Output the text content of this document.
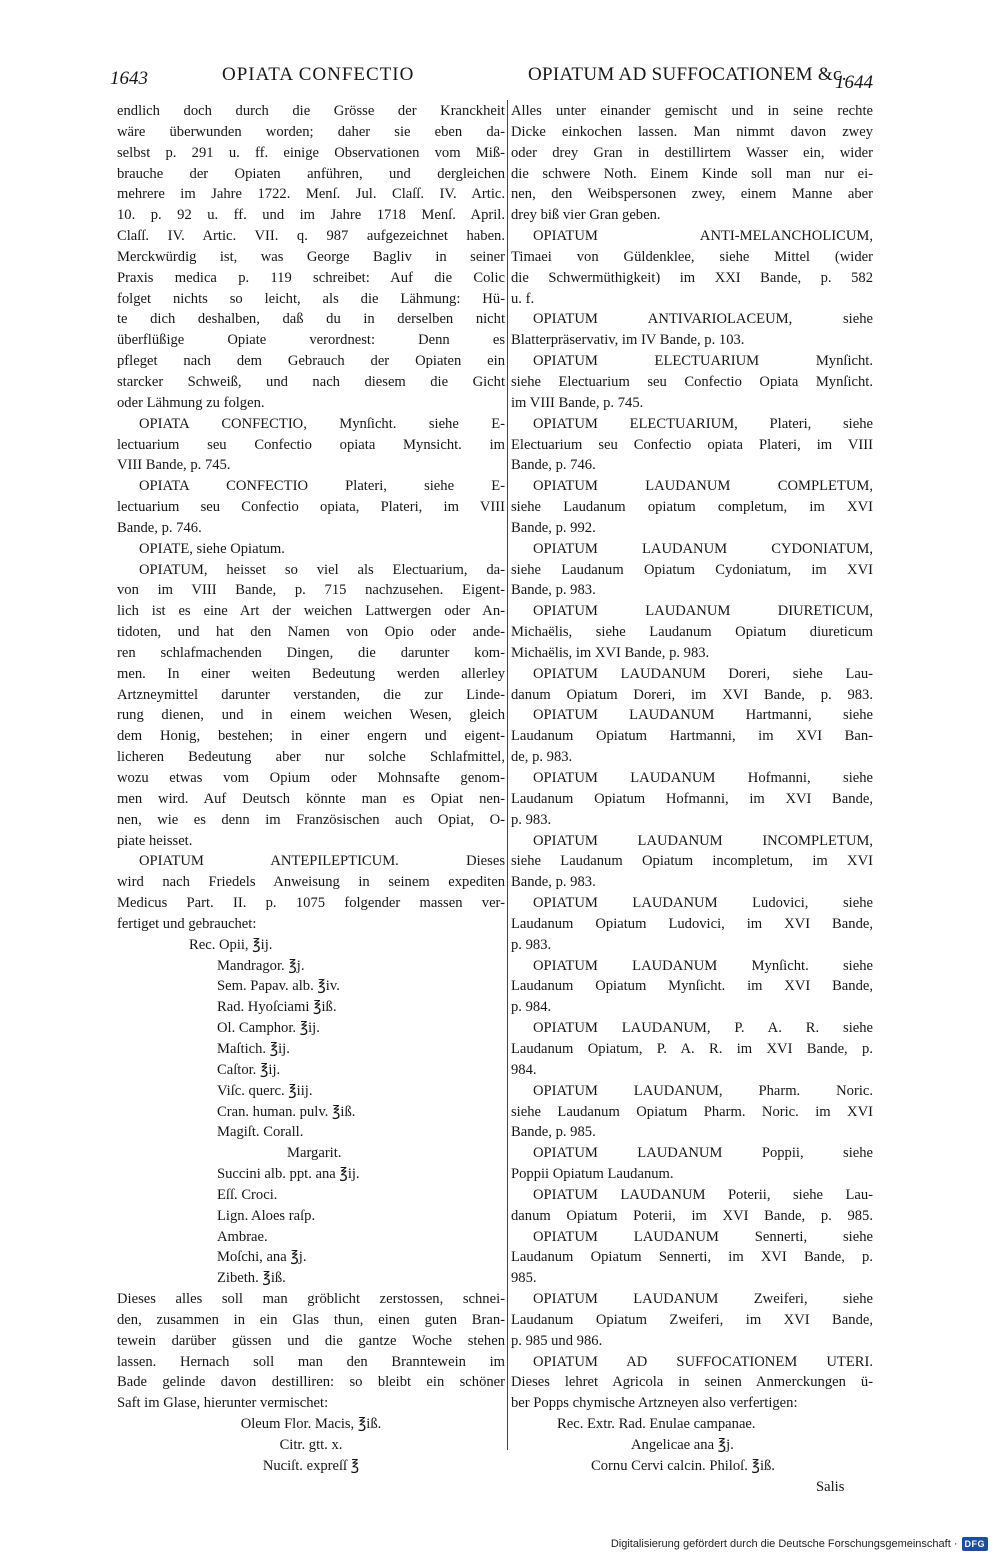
1643	OPIATA CONFECTIO	OPIATUM AD SUFFOCATIONEM &c.
1644
endlich doch durch die Grösse der Kranckheit
wäre überwunden worden; daher sie eben da-
selbst p. 291 u. ff. einige Observationen vom Miß-
brauche der Opiaten anführen, und dergleichen
mehrere im Jahre 1722. Menſ. Jul. Claſſ. IV. Artic.
10. p. 92 u. ff. und im Jahre 1718 Menſ. April.
Claſſ. IV. Artic. VII. q. 987 aufgezeichnet haben.
Merckwürdig ist, was George Bagliv in seiner
Praxis medica p. 119 schreibet: Auf die Colic
folget nichts so leicht, als die Lähmung: Hü-
te dich deshalben, daß du in derselben nicht
überflüßige Opiate verordnest: Denn es
pfleget nach dem Gebrauch der Opiaten ein
starcker Schweiß, und nach diesem die Gicht
oder Lähmung zu folgen.
OPIATA CONFECTIO, Mynſicht. siehe E-
lectuarium seu Confectio opiata Mynsicht. im
VIII Bande, p. 745.
OPIATA CONFECTIO Plateri, siehe E-
lectuarium seu Confectio opiata, Plateri, im VIII
Bande, p. 746.
OPIATE, siehe Opiatum.
OPIATUM, heisset so viel als Electuarium, da-
von im VIII Bande, p. 715 nachzusehen. Eigent-
lich ist es eine Art der weichen Lattwergen oder An-
tidoten, und hat den Namen von Opio oder ande-
ren schlafmachenden Dingen, die darunter kom-
men. In einer weiten Bedeutung werden allerley
Artzneymittel darunter verstanden, die zur Linde-
rung dienen, und in einem weichen Wesen, gleich
dem Honig, bestehen; in einer engern und eigent-
licheren Bedeutung aber nur solche Schlafmittel,
wozu etwas vom Opium oder Mohnsafte genom-
men wird. Auf Deutsch könnte man es Opiat nen-
nen, wie es denn im Französischen auch Opiat, O-
piate heisset.
OPIATUM ANTEPILEPTICUM. Dieses
wird nach Friedels Anweisung in seinem expediten
Medicus Part. II. p. 1075 folgender massen ver-
fertiget und gebrauchet:
Rec. Opii, ℥ij.
Mandragor. ℥j.
Sem. Papav. alb. ℥iv.
Rad. Hyoſciami ℥iß.
Ol. Camphor. ℥ij.
Maſtich. ℥ij.
Caſtor. ℥ij.
Viſc. querc. ℥iij.
Cran. human. pulv. ℥iß.
Magiſt. Corall.
Margarit.
Succini alb. ppt. ana ℥ij.
Eſſ. Croci.
Lign. Aloes raſp.
Ambrae.
Moſchi, ana ℥j.
Zibeth. ℥iß.
Dieses alles soll man gröblicht zerstossen, schnei-
den, zusammen in ein Glas thun, einen guten Bran-
tewein darüber güssen und die gantze Woche stehen
lassen. Hernach soll man den Branntewein im
Bade gelinde davon destilliren: so bleibt ein schöner
Saft im Glase, hierunter vermischet:
Oleum Flor. Macis, ℥iß.
Citr. gtt. x.
Nuciſt. expreſſ ℥
Alles unter einander gemischt und in seine rechte
Dicke einkochen lassen. Man nimmt davon zwey
oder drey Gran in destillirtem Wasser ein, wider
die schwere Noth. Einem Kinde soll man nur ei-
nen, den Weibspersonen zwey, einem Manne aber
drey biß vier Gran geben.
OPIATUM ANTI-MELANCHOLICUM,
Timaei von Güldenklee, siehe Mittel (wider
die Schwermüthigkeit) im XXI Bande, p. 582
u. f.
OPIATUM ANTIVARIOLACEUM, siehe
Blatterpräservativ, im IV Bande, p. 103.
OPIATUM ELECTUARIUM Mynſicht.
siehe Electuarium seu Confectio Opiata Mynſicht.
im VIII Bande, p. 745.
OPIATUM ELECTUARIUM, Plateri, siehe
Electuarium seu Confectio opiata Plateri, im VIII
Bande, p. 746.
OPIATUM LAUDANUM COMPLETUM,
siehe Laudanum opiatum completum, im XVI
Bande, p. 992.
OPIATUM LAUDANUM CYDONIATUM,
siehe Laudanum Opiatum Cydoniatum, im XVI
Bande, p. 983.
OPIATUM LAUDANUM DIURETICUM,
Michaëlis, siehe Laudanum Opiatum diureticum
Michaëlis, im XVI Bande, p. 983.
OPIATUM LAUDANUM Doreri, siehe Lau-
danum Opiatum Doreri, im XVI Bande, p. 983.
OPIATUM LAUDANUM Hartmanni, siehe
Laudanum Opiatum Hartmanni, im XVI Ban-
de, p. 983.
OPIATUM LAUDANUM Hofmanni, siehe
Laudanum Opiatum Hofmanni, im XVI Bande,
p. 983.
OPIATUM LAUDANUM INCOMPLETUM,
siehe Laudanum Opiatum incompletum, im XVI
Bande, p. 983.
OPIATUM LAUDANUM Ludovici, siehe
Laudanum Opiatum Ludovici, im XVI Bande,
p. 983.
OPIATUM LAUDANUM Mynſicht. siehe
Laudanum Opiatum Mynſicht. im XVI Bande,
p. 984.
OPIATUM LAUDANUM, P. A. R. siehe
Laudanum Opiatum, P. A. R. im XVI Bande, p.
984.
OPIATUM LAUDANUM, Pharm. Noric.
siehe Laudanum Opiatum Pharm. Noric. im XVI
Bande, p. 985.
OPIATUM LAUDANUM Poppii, siehe
Poppii Opiatum Laudanum.
OPIATUM LAUDANUM Poterii, siehe Lau-
danum Opiatum Poterii, im XVI Bande, p. 985.
OPIATUM LAUDANUM Sennerti, siehe
Laudanum Opiatum Sennerti, im XVI Bande, p.
985.
OPIATUM LAUDANUM Zweiferi, siehe
Laudanum Opiatum Zweiferi, im XVI Bande,
p. 985 und 986.
OPIATUM AD SUFFOCATIONEM UTERI.
Dieses lehret Agricola in seinen Anmerckungen ü-
ber Popps chymische Artzneyen also verfertigen:
Rec. Extr. Rad. Enulae campanae.
Angelicae ana ℥j.
Cornu Cervi calcin. Philoſ. ℥iß.
Salis
Digitalisierung gefördert durch die Deutsche Forschungsgemeinschaft · DFG
